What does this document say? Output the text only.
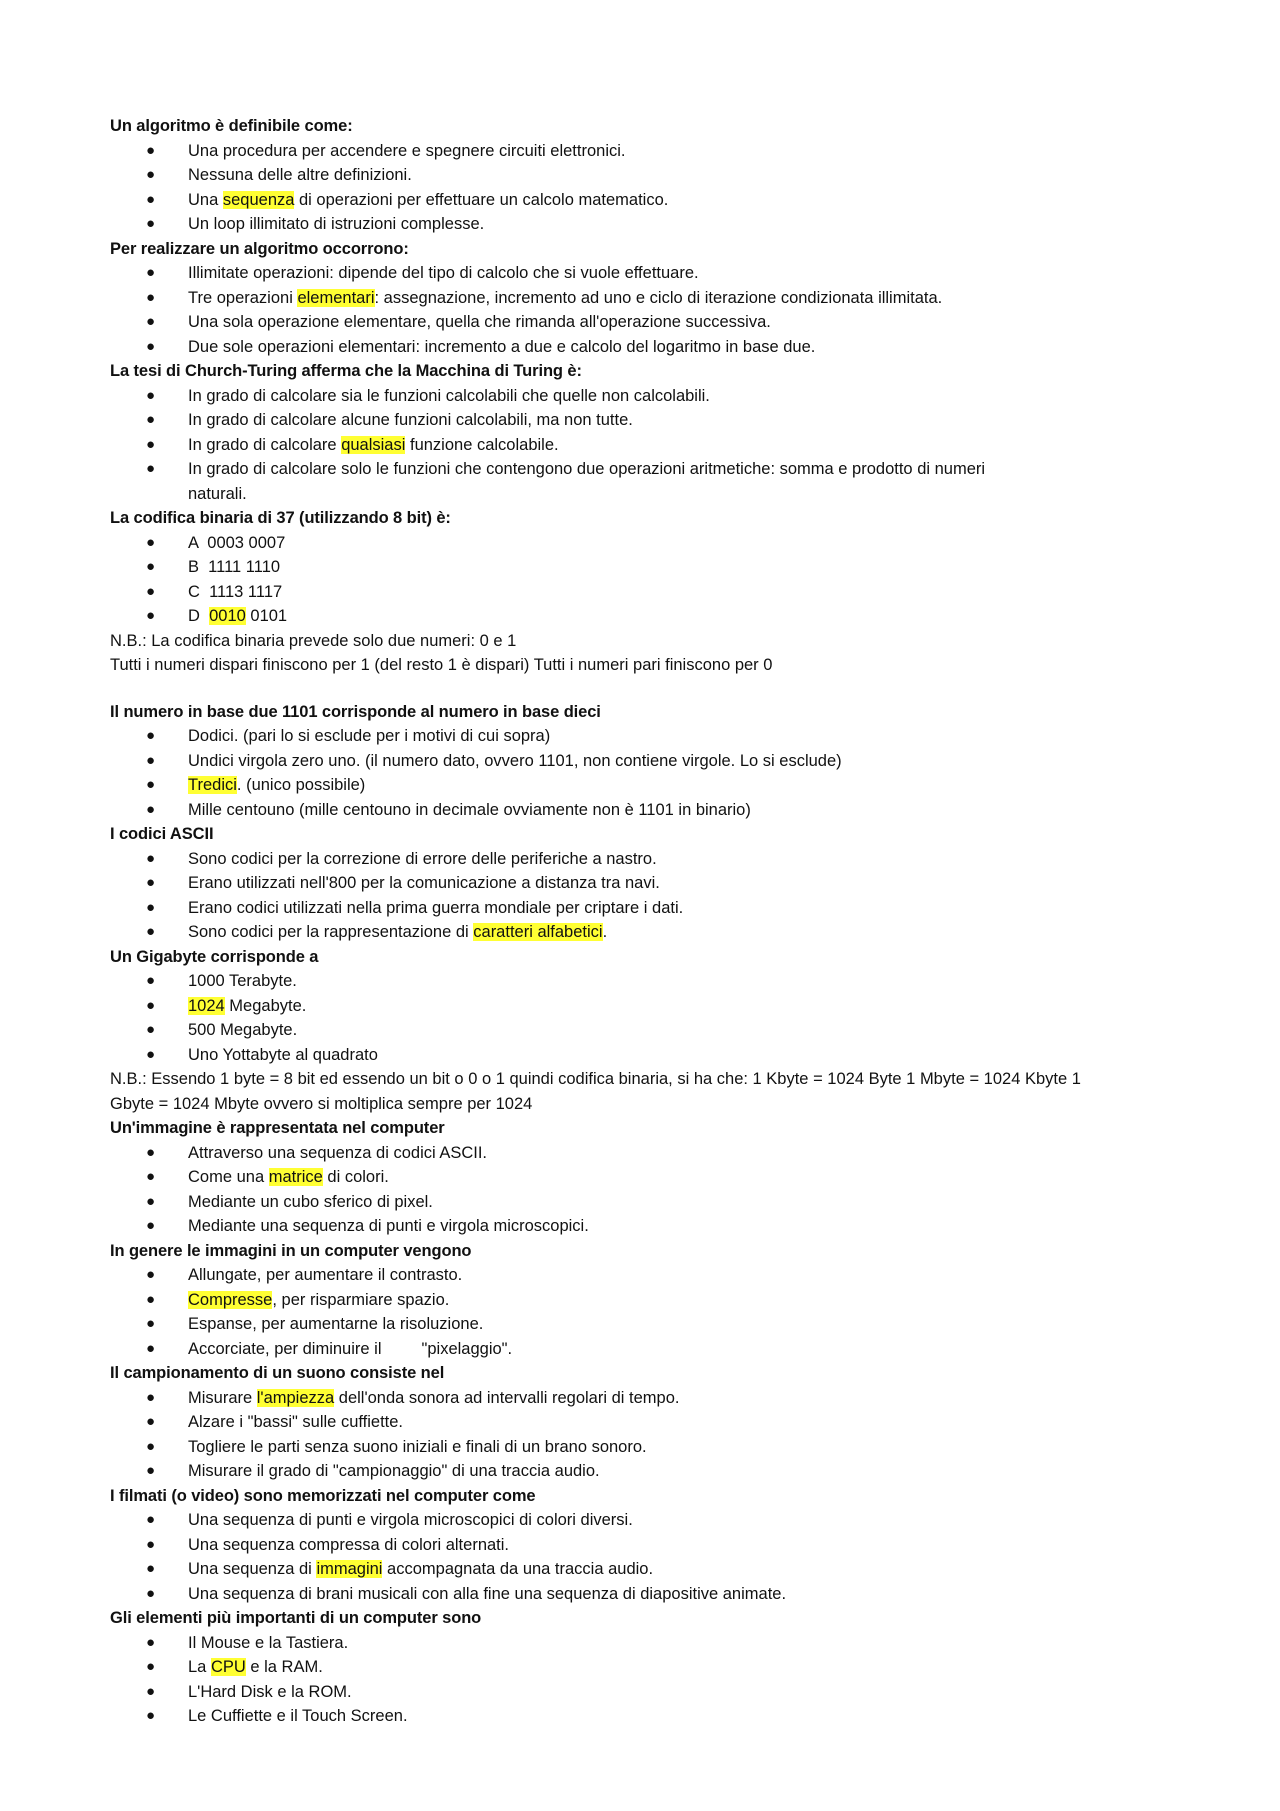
Un algoritmo è definibile come:
● Una procedura per accendere e spegnere circuiti elettronici.
● Nessuna delle altre definizioni.
● Una sequenza di operazioni per effettuare un calcolo matematico.
● Un loop illimitato di istruzioni complesse.
Per realizzare un algoritmo occorrono:
● Illimitate operazioni: dipende del tipo di calcolo che si vuole effettuare.
● Tre operazioni elementari: assegnazione, incremento ad uno e ciclo di iterazione condizionata illimitata.
● Una sola operazione elementare, quella che rimanda all'operazione successiva.
● Due sole operazioni elementari: incremento a due e calcolo del logaritmo in base due.
La tesi di Church-Turing afferma che la Macchina di Turing è:
● In grado di calcolare sia le funzioni calcolabili che quelle non calcolabili.
● In grado di calcolare alcune funzioni calcolabili, ma non tutte.
● In grado di calcolare qualsiasi funzione calcolabile.
● In grado di calcolare solo le funzioni che contengono due operazioni aritmetiche: somma e prodotto di numeri
naturali.
La codifica binaria di 37 (utilizzando 8 bit) è:
● A  0003 0007
● B  1111 1110
● C  1113 1117
● D  0010 0101

N.B.: La codifica binaria prevede solo due numeri: 0 e 1

Tutti i numeri dispari finiscono per 1 (del resto 1 è dispari) Tutti i numeri pari finiscono per 0

Il numero in base due 1101 corrisponde al numero in base dieci
● Dodici. (pari lo si esclude per i motivi di cui sopra)
● Undici virgola zero uno. (il numero dato, ovvero 1101, non contiene virgole. Lo si esclude)
● Tredici. (unico possibile)
● Mille centouno (mille centouno in decimale ovviamente non è 1101 in binario)
I codici ASCII
● Sono codici per la correzione di errore delle periferiche a nastro.
● Erano utilizzati nell'800 per la comunicazione a distanza tra navi.
● Erano codici utilizzati nella prima guerra mondiale per criptare i dati.
● Sono codici per la rappresentazione di caratteri alfabetici.
Un Gigabyte corrisponde a
● 1000 Terabyte.
● 1024 Megabyte.
● 500 Megabyte.
● Uno Yottabyte al quadrato

N.B.: Essendo 1 byte = 8 bit ed essendo un bit o 0 o 1 quindi codifica binaria, si ha che: 1 Kbyte = 1024 Byte 1 Mbyte = 1024 Kbyte 1
Gbyte = 1024 Mbyte ovvero si moltiplica sempre per 1024

Un'immagine è rappresentata nel computer
● Attraverso una sequenza di codici ASCII.
● Come una matrice di colori.
● Mediante un cubo sferico di pixel.
● Mediante una sequenza di punti e virgola microscopici.
In genere le immagini in un computer vengono
● Allungate, per aumentare il contrasto.
● Compresse, per risparmiare spazio.
● Espanse, per aumentarne la risoluzione.
● Accorciate, per diminuire il "pixelaggio".
Il campionamento di un suono consiste nel
● Misurare l'ampiezza dell'onda sonora ad intervalli regolari di tempo.
● Alzare i "bassi" sulle cuffiette.
● Togliere le parti senza suono iniziali e finali di un brano sonoro.
● Misurare il grado di "campionaggio" di una traccia audio.
I filmati (o video) sono memorizzati nel computer come
● Una sequenza di punti e virgola microscopici di colori diversi.
● Una sequenza compressa di colori alternati.
● Una sequenza di immagini accompagnata da una traccia audio.
● Una sequenza di brani musicali con alla fine una sequenza di diapositive animate.
Gli elementi più importanti di un computer sono
● Il Mouse e la Tastiera.
● La CPU e la RAM.
● L'Hard Disk e la ROM.
● Le Cuffiette e il Touch Screen.
